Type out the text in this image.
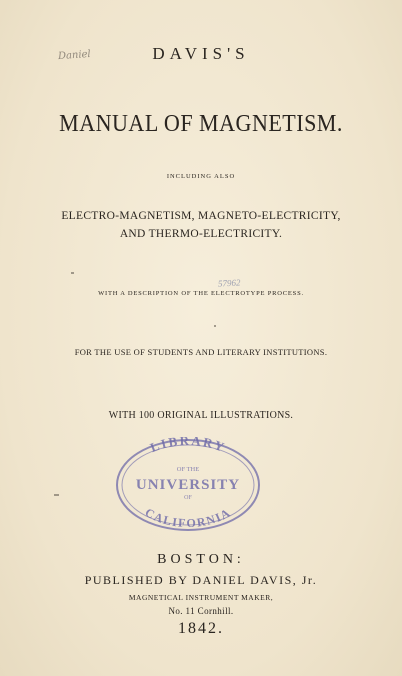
Daniel	DAVIS'S
MANUAL OF MAGNETISM.
INCLUDING ALSO
ELECTRO-MAGNETISM, MAGNETO-ELECTRICITY,
AND THERMO-ELECTRICITY.
57962
WITH A DESCRIPTION OF THE ELECTROTYPE PROCESS.
FOR THE USE OF STUDENTS AND LITERARY INSTITUTIONS.
WITH 100 ORIGINAL ILLUSTRATIONS.
LIBRARY
OF THE
UNIVERSITY
OF
CALIFORNIA
BOSTON:
PUBLISHED BY DANIEL DAVIS, Jr.
MAGNETICAL INSTRUMENT MAKER,
No. 11 Cornhill.
1842.
